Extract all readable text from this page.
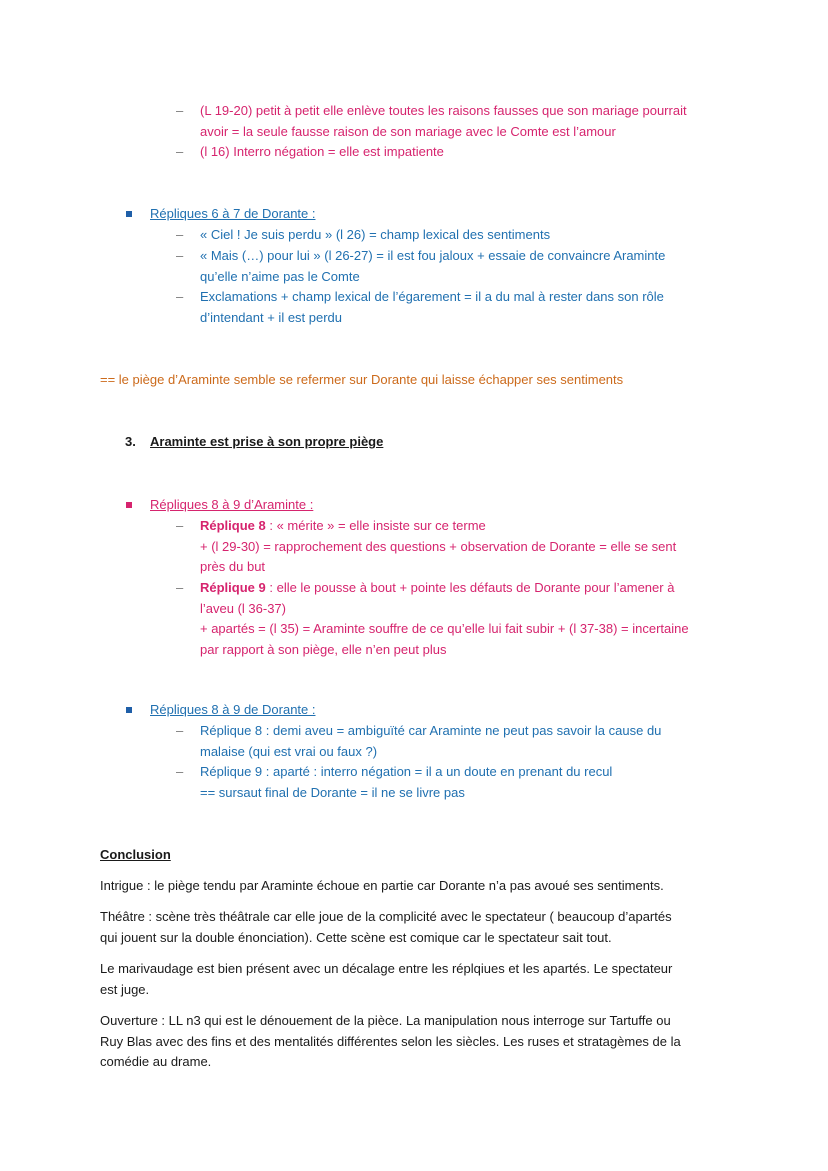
–	(L 19-20) petit à petit elle enlève toutes les raisons fausses que son mariage pourrait
avoir = la seule fausse raison de son mariage avec le Comte est l’amour
–	(l 16) Interro négation = elle est impatiente
Répliques 6 à 7 de Dorante :
–	« Ciel ! Je suis perdu » (l 26) = champ lexical des sentiments
–	« Mais (…) pour lui » (l 26-27) = il est fou jaloux + essaie de convaincre Araminte
qu’elle n’aime pas le Comte
–	Exclamations + champ lexical de l’égarement = il a du mal à rester dans son rôle
d’intendant + il est perdu
== le piège d’Araminte semble se refermer sur Dorante qui laisse échapper ses sentiments
3. Araminte est prise à son propre piège
Répliques 8 à 9 d’Araminte :
–	Réplique 8 : « mérite » = elle insiste sur ce terme
+ (l 29-30) = rapprochement des questions + observation de Dorante = elle se sent
près du but
–	Réplique 9 : elle le pousse à bout + pointe les défauts de Dorante pour l’amener à
l’aveu (l 36-37)
+ apartés = (l 35) = Araminte souffre de ce qu’elle lui fait subir + (l 37-38) = incertaine
par rapport à son piège, elle n’en peut plus
Répliques 8 à 9 de Dorante :
–	Réplique 8 : demi aveu = ambiguïté car Araminte ne peut pas savoir la cause du
malaise (qui est vrai ou faux ?)
–	Réplique 9 : aparté : interro négation = il a un doute en prenant du recul
== sursaut final de Dorante = il ne se livre pas
Conclusion
Intrigue : le piège tendu par Araminte échoue en partie car Dorante n’a pas avoué ses sentiments.
Théâtre : scène très théâtrale car elle joue de la complicité avec le spectateur ( beaucoup d’apartés
qui jouent sur la double énonciation). Cette scène est comique car le spectateur sait tout.
Le marivaudage est bien présent avec un décalage entre les réplqiues et les apartés. Le spectateur
est juge.
Ouverture : LL n3 qui est le dénouement de la pièce. La manipulation nous interroge sur Tartuffe ou
Ruy Blas avec des fins et des mentalités différentes selon les siècles. Les ruses et stratagèmes de la
comédie au drame.
